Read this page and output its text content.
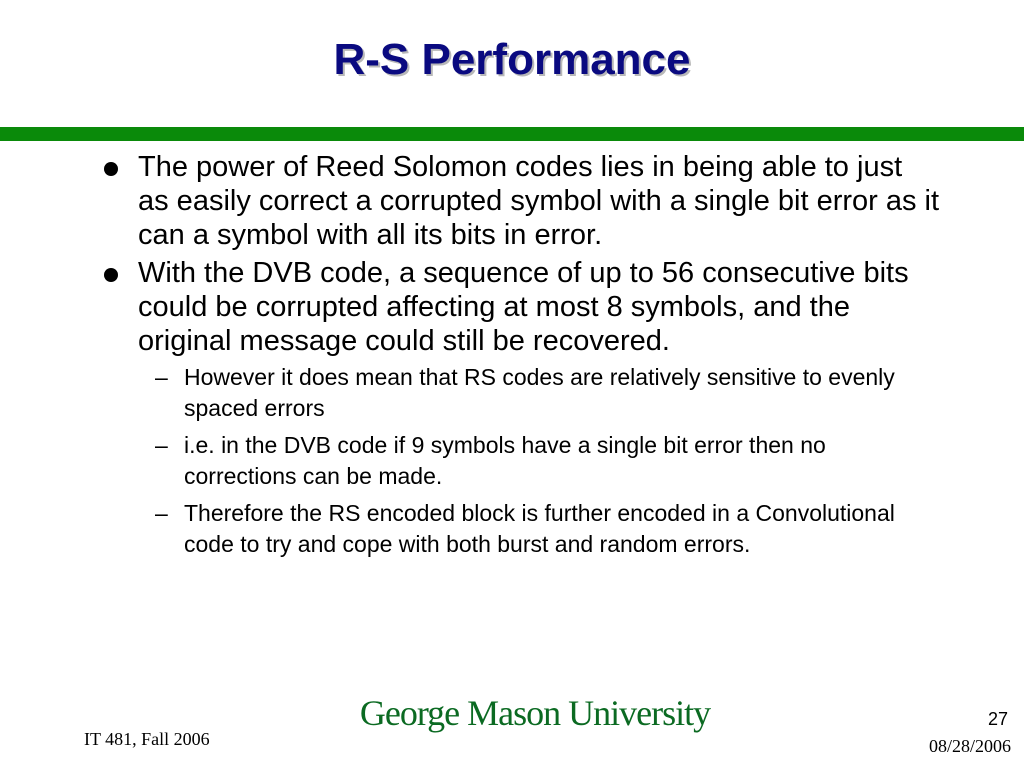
R-S Performance
The power of Reed Solomon codes lies in being able to just as easily correct a corrupted symbol with a single bit error as it can a symbol with all its bits in error.
With the DVB code, a sequence of up to 56 consecutive bits could be corrupted affecting at most 8 symbols, and the original message could still be recovered.
– However it does mean that RS codes are relatively sensitive to evenly spaced errors
– i.e. in the DVB code if 9 symbols have a single bit error then no corrections can be made.
– Therefore the RS encoded block is further encoded in a Convolutional code to try and cope with both burst and random errors.
George Mason University
IT 481, Fall 2006
27
08/28/2006
